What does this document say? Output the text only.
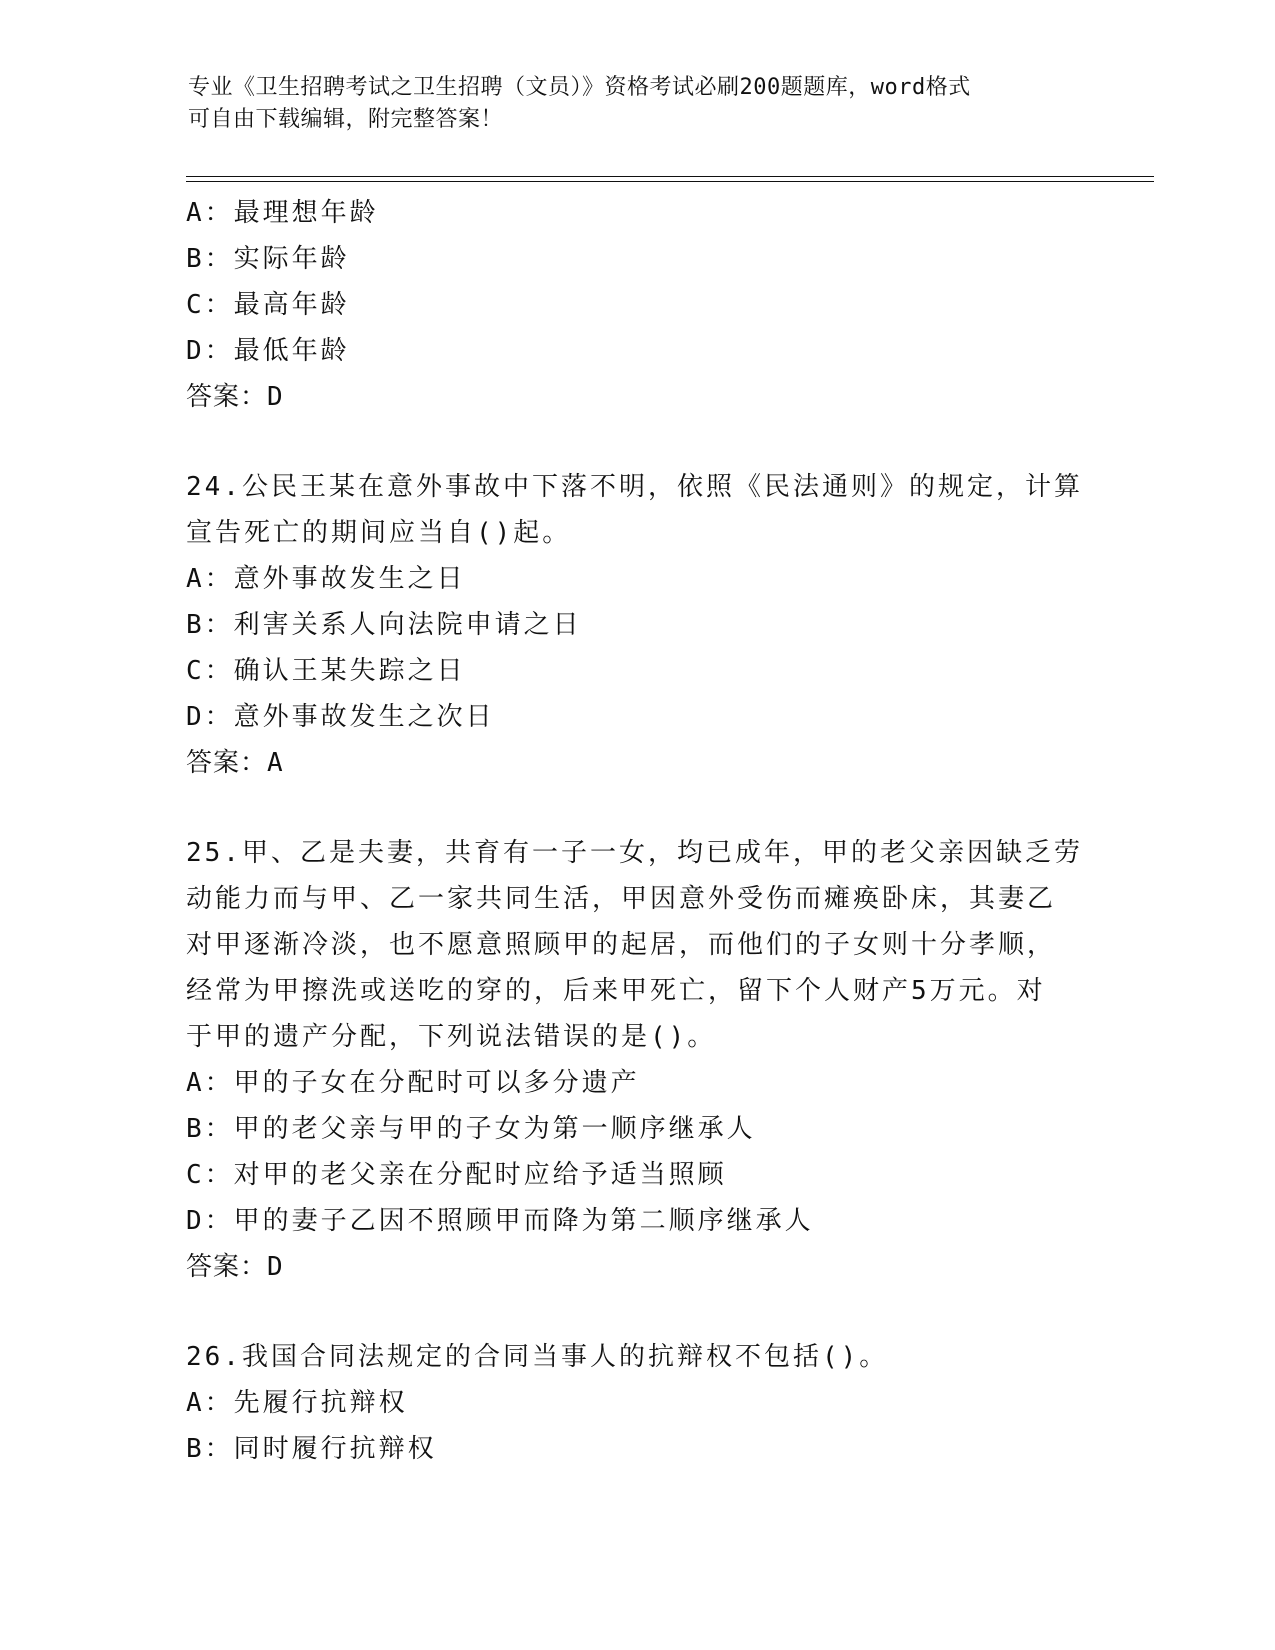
专业《卫生招聘考试之卫生招聘（文员）》资格考试必刷200题题库，word格式
可自由下载编辑，附完整答案！
A：最理想年龄
B：实际年龄
C：最高年龄
D：最低年龄
答案：D
24.公民王某在意外事故中下落不明，依照《民法通则》的规定，计算
宣告死亡的期间应当自()起。
A：意外事故发生之日
B：利害关系人向法院申请之日
C：确认王某失踪之日
D：意外事故发生之次日
答案：A
25.甲、乙是夫妻，共育有一子一女，均已成年，甲的老父亲因缺乏劳
动能力而与甲、乙一家共同生活，甲因意外受伤而瘫痪卧床，其妻乙
对甲逐渐冷淡，也不愿意照顾甲的起居，而他们的子女则十分孝顺，
经常为甲擦洗或送吃的穿的，后来甲死亡，留下个人财产5万元。对
于甲的遗产分配，下列说法错误的是()。
A：甲的子女在分配时可以多分遗产
B：甲的老父亲与甲的子女为第一顺序继承人
C：对甲的老父亲在分配时应给予适当照顾
D：甲的妻子乙因不照顾甲而降为第二顺序继承人
答案：D
26.我国合同法规定的合同当事人的抗辩权不包括()。
A：先履行抗辩权
B：同时履行抗辩权
